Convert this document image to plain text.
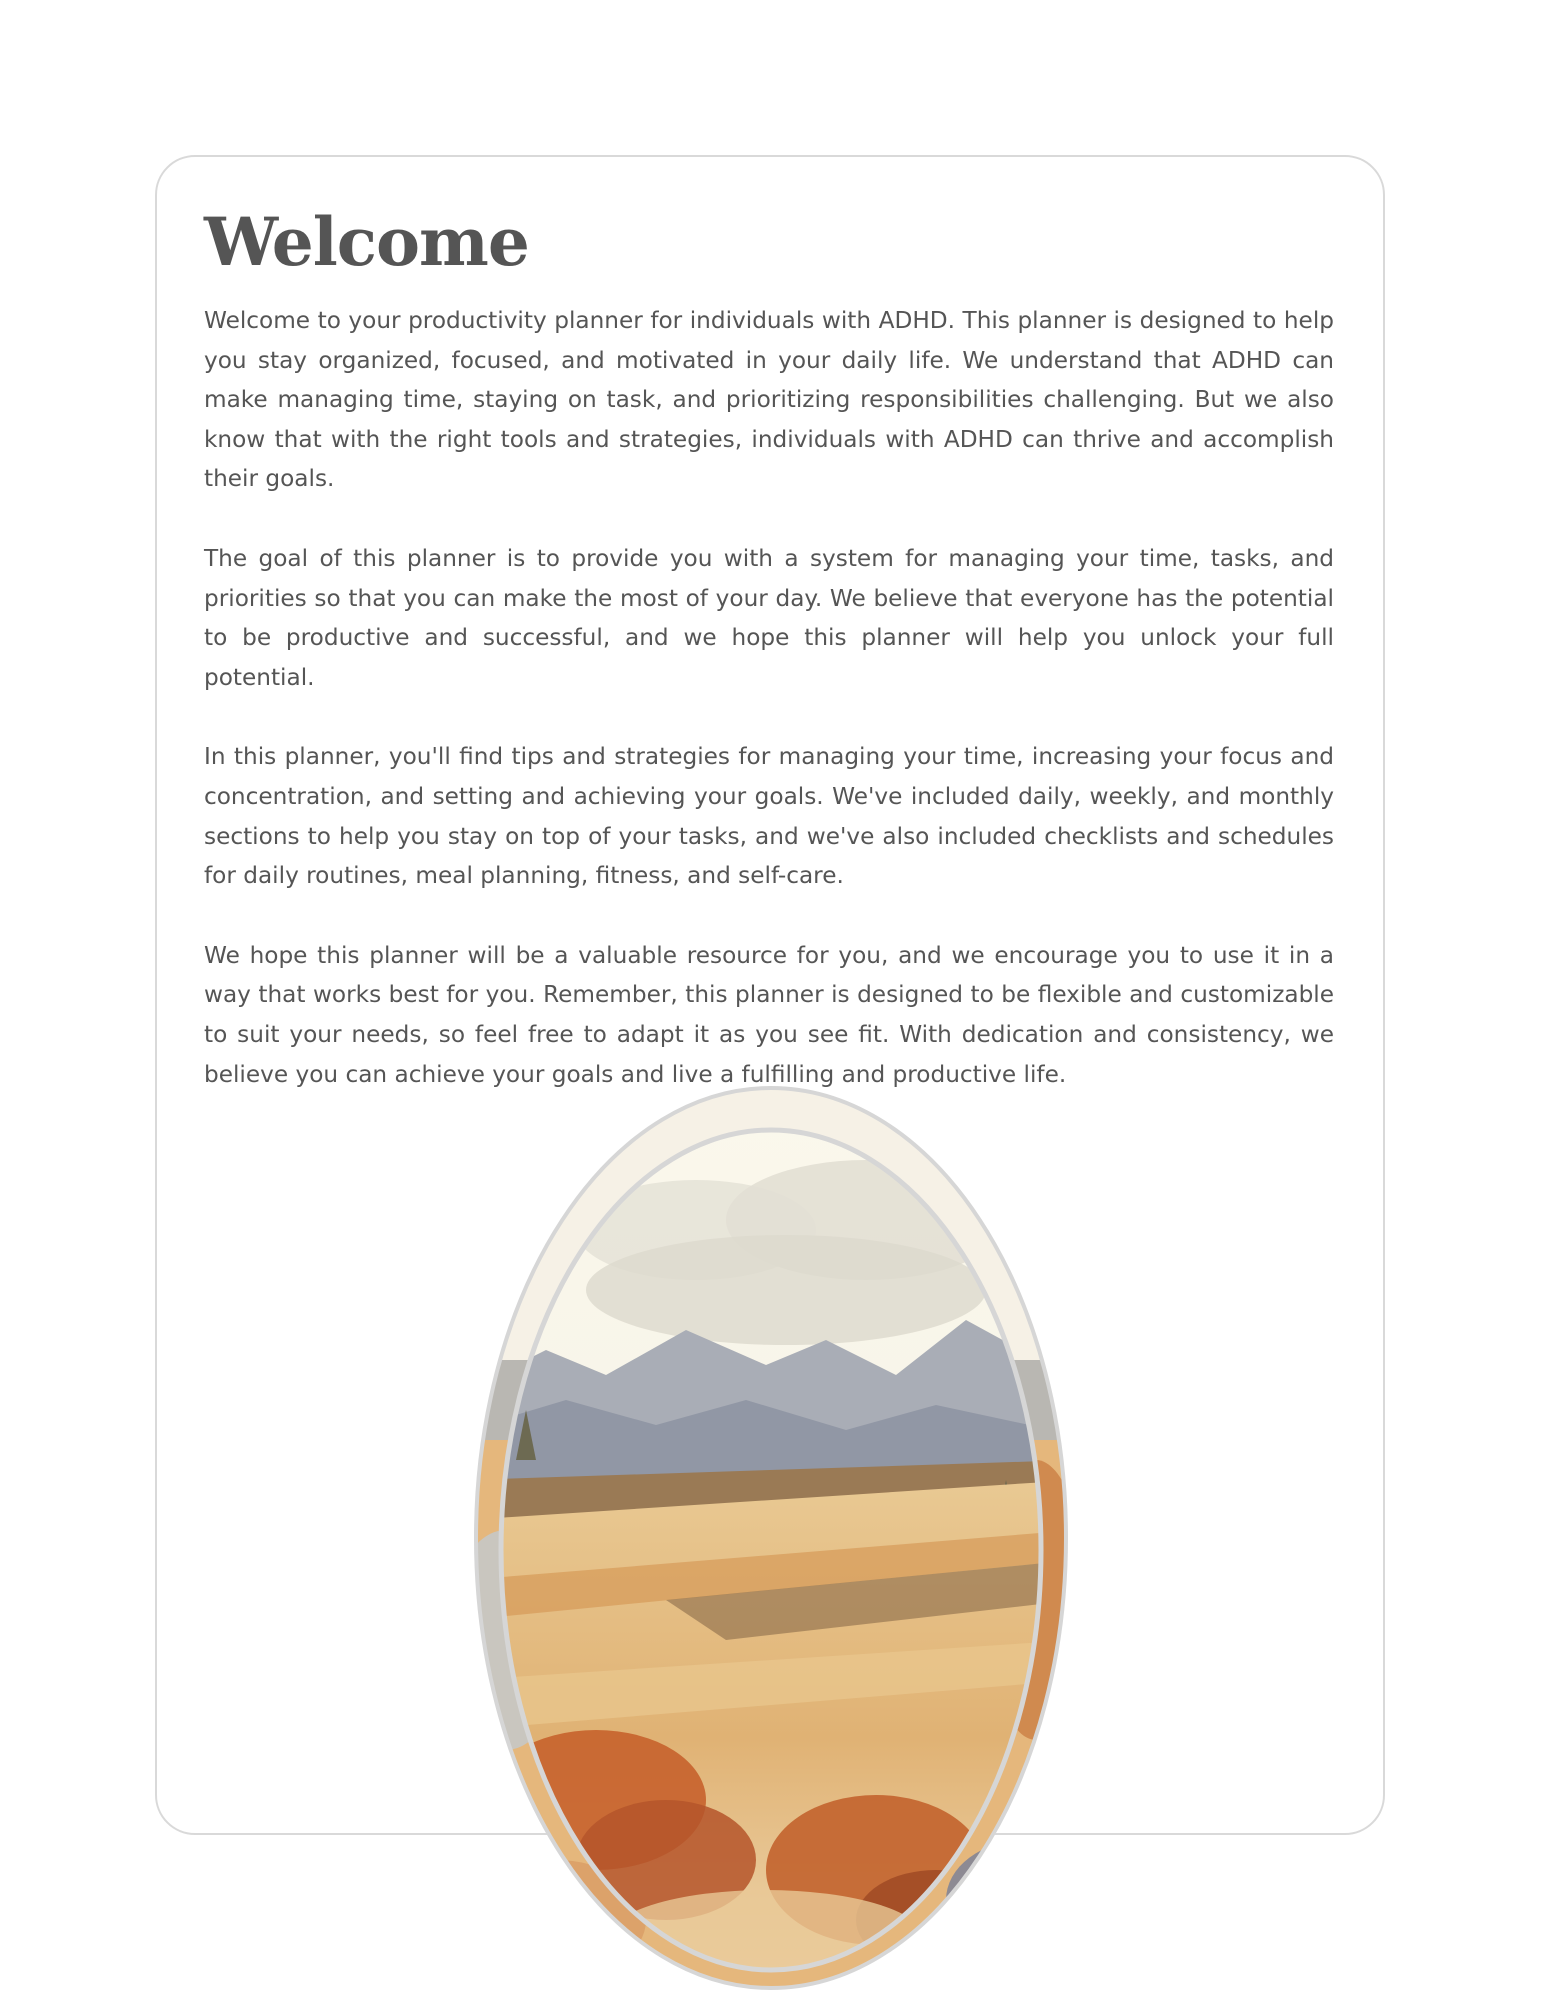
Welcome

Welcome to your productivity planner for individuals with ADHD. This planner is designed to help you stay organized, focused, and motivated in your daily life. We understand that ADHD can make managing time, staying on task, and prioritizing responsibilities challenging. But we also know that with the right tools and strategies, individuals with ADHD can thrive and accomplish their goals.

The goal of this planner is to provide you with a system for managing your time, tasks, and priorities so that you can make the most of your day. We believe that everyone has the potential to be productive and successful, and we hope this planner will help you unlock your full potential.

In this planner, you'll find tips and strategies for managing your time, increasing your focus and concentration, and setting and achieving your goals. We've included daily, weekly, and monthly sections to help you stay on top of your tasks, and we've also included checklists and schedules for daily routines, meal planning, fitness, and self-care.

We hope this planner will be a valuable resource for you, and we encourage you to use it in a way that works best for you. Remember, this planner is designed to be flexible and customizable to suit your needs, so feel free to adapt it as you see fit. With dedication and consistency, we believe you can achieve your goals and live a fulfilling and productive life.
